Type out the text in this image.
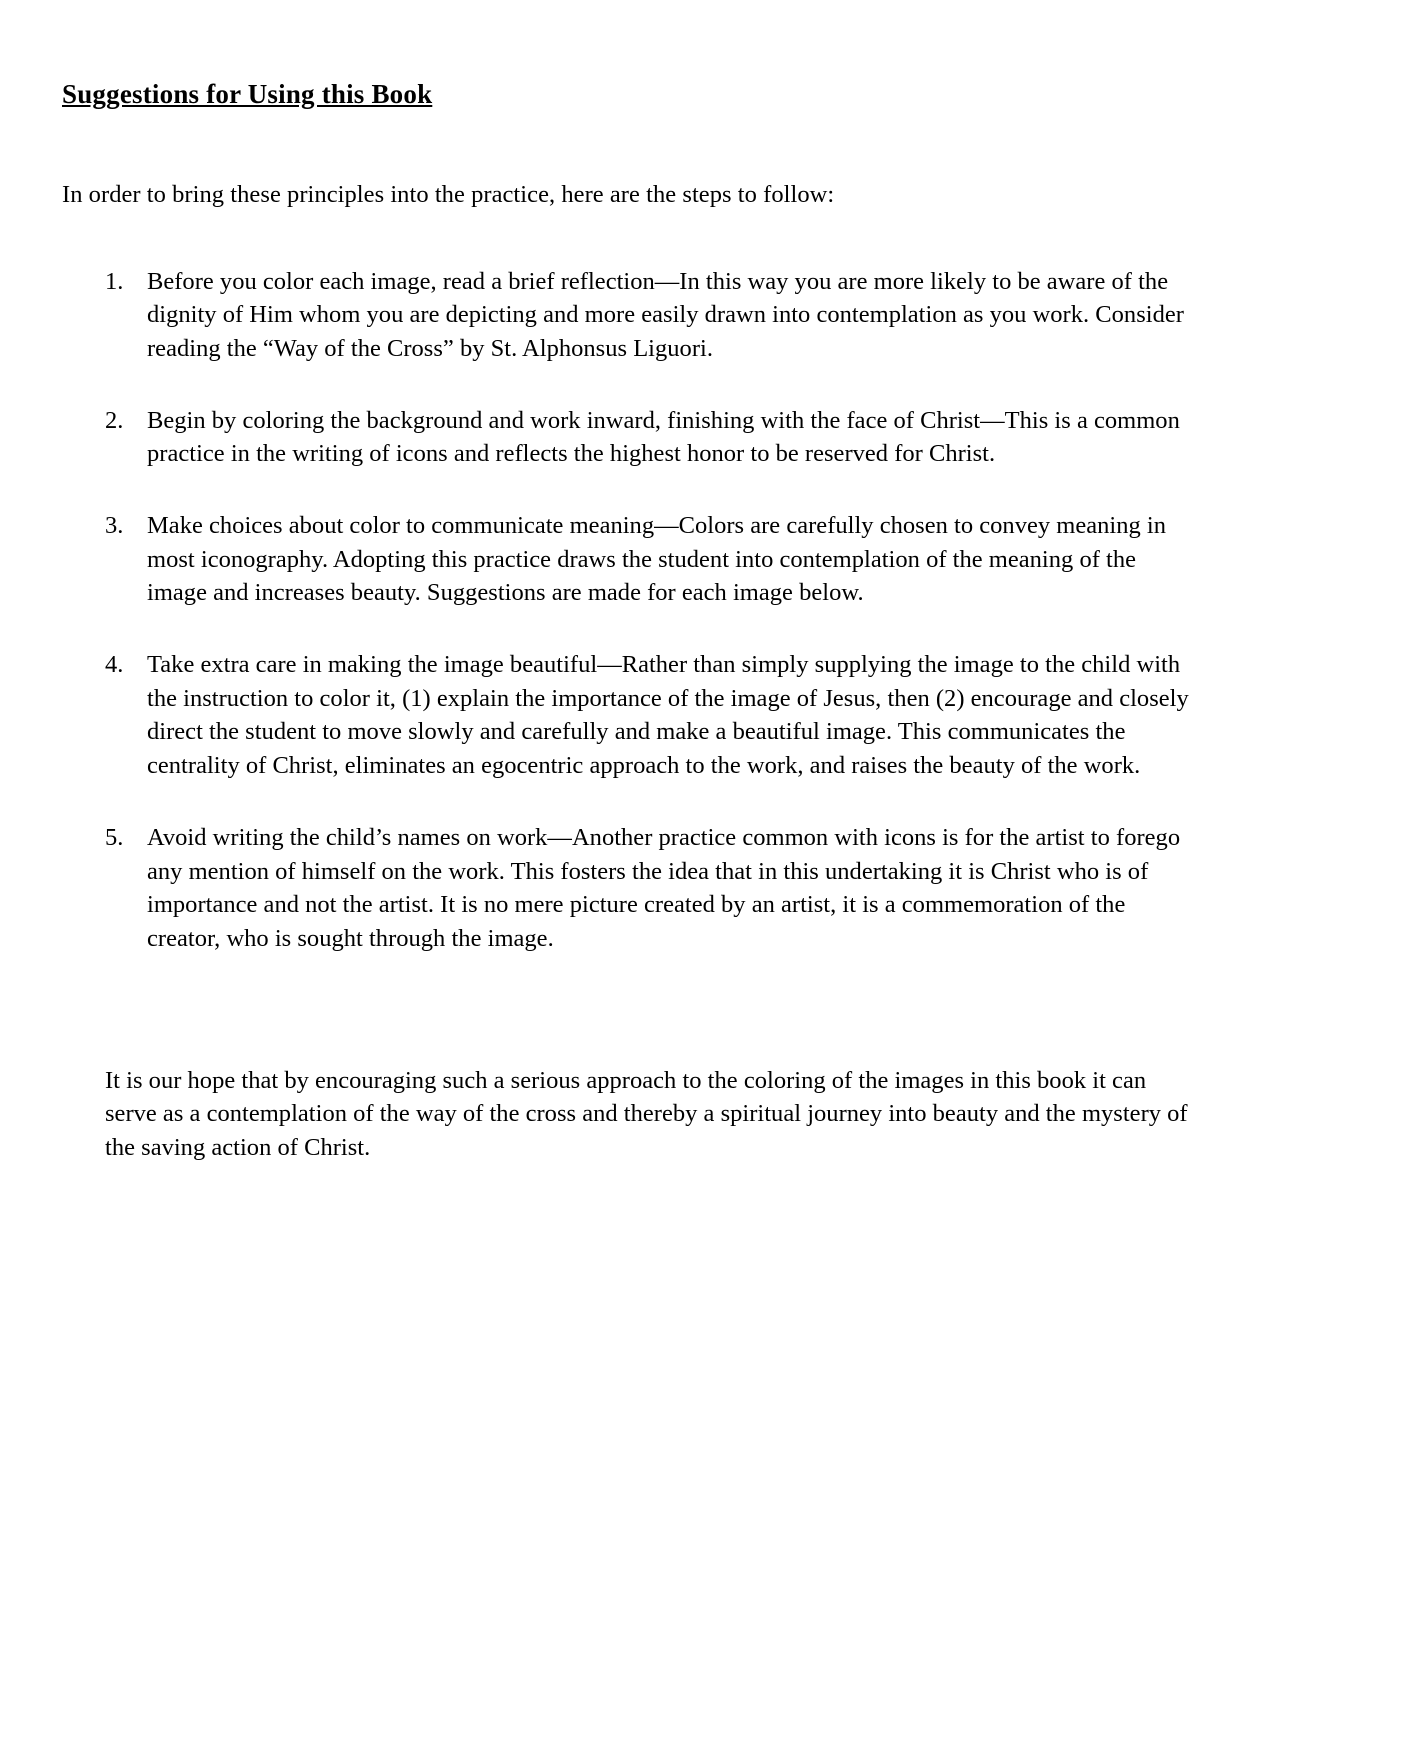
Suggestions for Using this Book

In order to bring these principles into the practice, here are the steps to follow:

1. Before you color each image, read a brief reflection—In this way you are more likely to be aware of the dignity of Him whom you are depicting and more easily drawn into contemplation as you work. Consider reading the “Way of the Cross” by St. Alphonsus Liguori.
2. Begin by coloring the background and work inward, finishing with the face of Christ—This is a common practice in the writing of icons and reflects the highest honor to be reserved for Christ.
3. Make choices about color to communicate meaning—Colors are carefully chosen to convey meaning in most iconography. Adopting this practice draws the student into contemplation of the meaning of the image and increases beauty. Suggestions are made for each image below.
4. Take extra care in making the image beautiful—Rather than simply supplying the image to the child with the instruction to color it, (1) explain the importance of the image of Jesus, then (2) encourage and closely direct the student to move slowly and carefully and make a beautiful image. This communicates the centrality of Christ, eliminates an egocentric approach to the work, and raises the beauty of the work.
5. Avoid writing the child’s names on work—Another practice common with icons is for the artist to forego any mention of himself on the work. This fosters the idea that in this undertaking it is Christ who is of importance and not the artist. It is no mere picture created by an artist, it is a commemoration of the creator, who is sought through the image.

It is our hope that by encouraging such a serious approach to the coloring of the images in this book it can serve as a contemplation of the way of the cross and thereby a spiritual journey into beauty and the mystery of the saving action of Christ.
